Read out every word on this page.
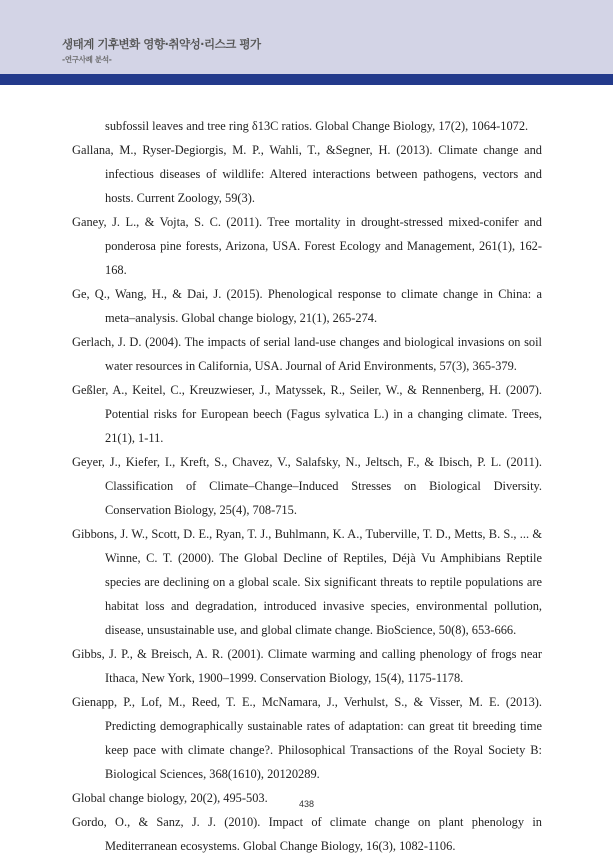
생태계 기후변화 영향·취약성·리스크 평가
-연구사례 분석-

subfossil leaves and tree ring δ13C ratios. Global Change Biology, 17(2), 1064-1072.

Gallana, M., Ryser-Degiorgis, M. P., Wahli, T., &Segner, H. (2013). Climate change and infectious diseases of wildlife: Altered interactions between pathogens, vectors and hosts. Current Zoology, 59(3).

Ganey, J. L., & Vojta, S. C. (2011). Tree mortality in drought-stressed mixed-conifer and ponderosa pine forests, Arizona, USA. Forest Ecology and Management, 261(1), 162-168.

Ge, Q., Wang, H., & Dai, J. (2015). Phenological response to climate change in China: a meta–analysis. Global change biology, 21(1), 265-274.

Gerlach, J. D. (2004). The impacts of serial land-use changes and biological invasions on soil water resources in California, USA. Journal of Arid Environments, 57(3), 365-379.

Geßler, A., Keitel, C., Kreuzwieser, J., Matyssek, R., Seiler, W., & Rennenberg, H. (2007). Potential risks for European beech (Fagus sylvatica L.) in a changing climate. Trees, 21(1), 1-11.

Geyer, J., Kiefer, I., Kreft, S., Chavez, V., Salafsky, N., Jeltsch, F., & Ibisch, P. L. (2011). Classification of Climate–Change–Induced Stresses on Biological Diversity. Conservation Biology, 25(4), 708-715.

Gibbons, J. W., Scott, D. E., Ryan, T. J., Buhlmann, K. A., Tuberville, T. D., Metts, B. S., ... & Winne, C. T. (2000). The Global Decline of Reptiles, Déjà Vu Amphibians Reptile species are declining on a global scale. Six significant threats to reptile populations are habitat loss and degradation, introduced invasive species, environmental pollution, disease, unsustainable use, and global climate change. BioScience, 50(8), 653-666.

Gibbs, J. P., & Breisch, A. R. (2001). Climate warming and calling phenology of frogs near Ithaca, New York, 1900–1999. Conservation Biology, 15(4), 1175-1178.

Gienapp, P., Lof, M., Reed, T. E., McNamara, J., Verhulst, S., & Visser, M. E. (2013). Predicting demographically sustainable rates of adaptation: can great tit breeding time keep pace with climate change?. Philosophical Transactions of the Royal Society B: Biological Sciences, 368(1610), 20120289.

Global change biology, 20(2), 495-503.

Gordo, O., & Sanz, J. J. (2010). Impact of climate change on plant phenology in Mediterranean ecosystems. Global Change Biology, 16(3), 1082-1106.

438
